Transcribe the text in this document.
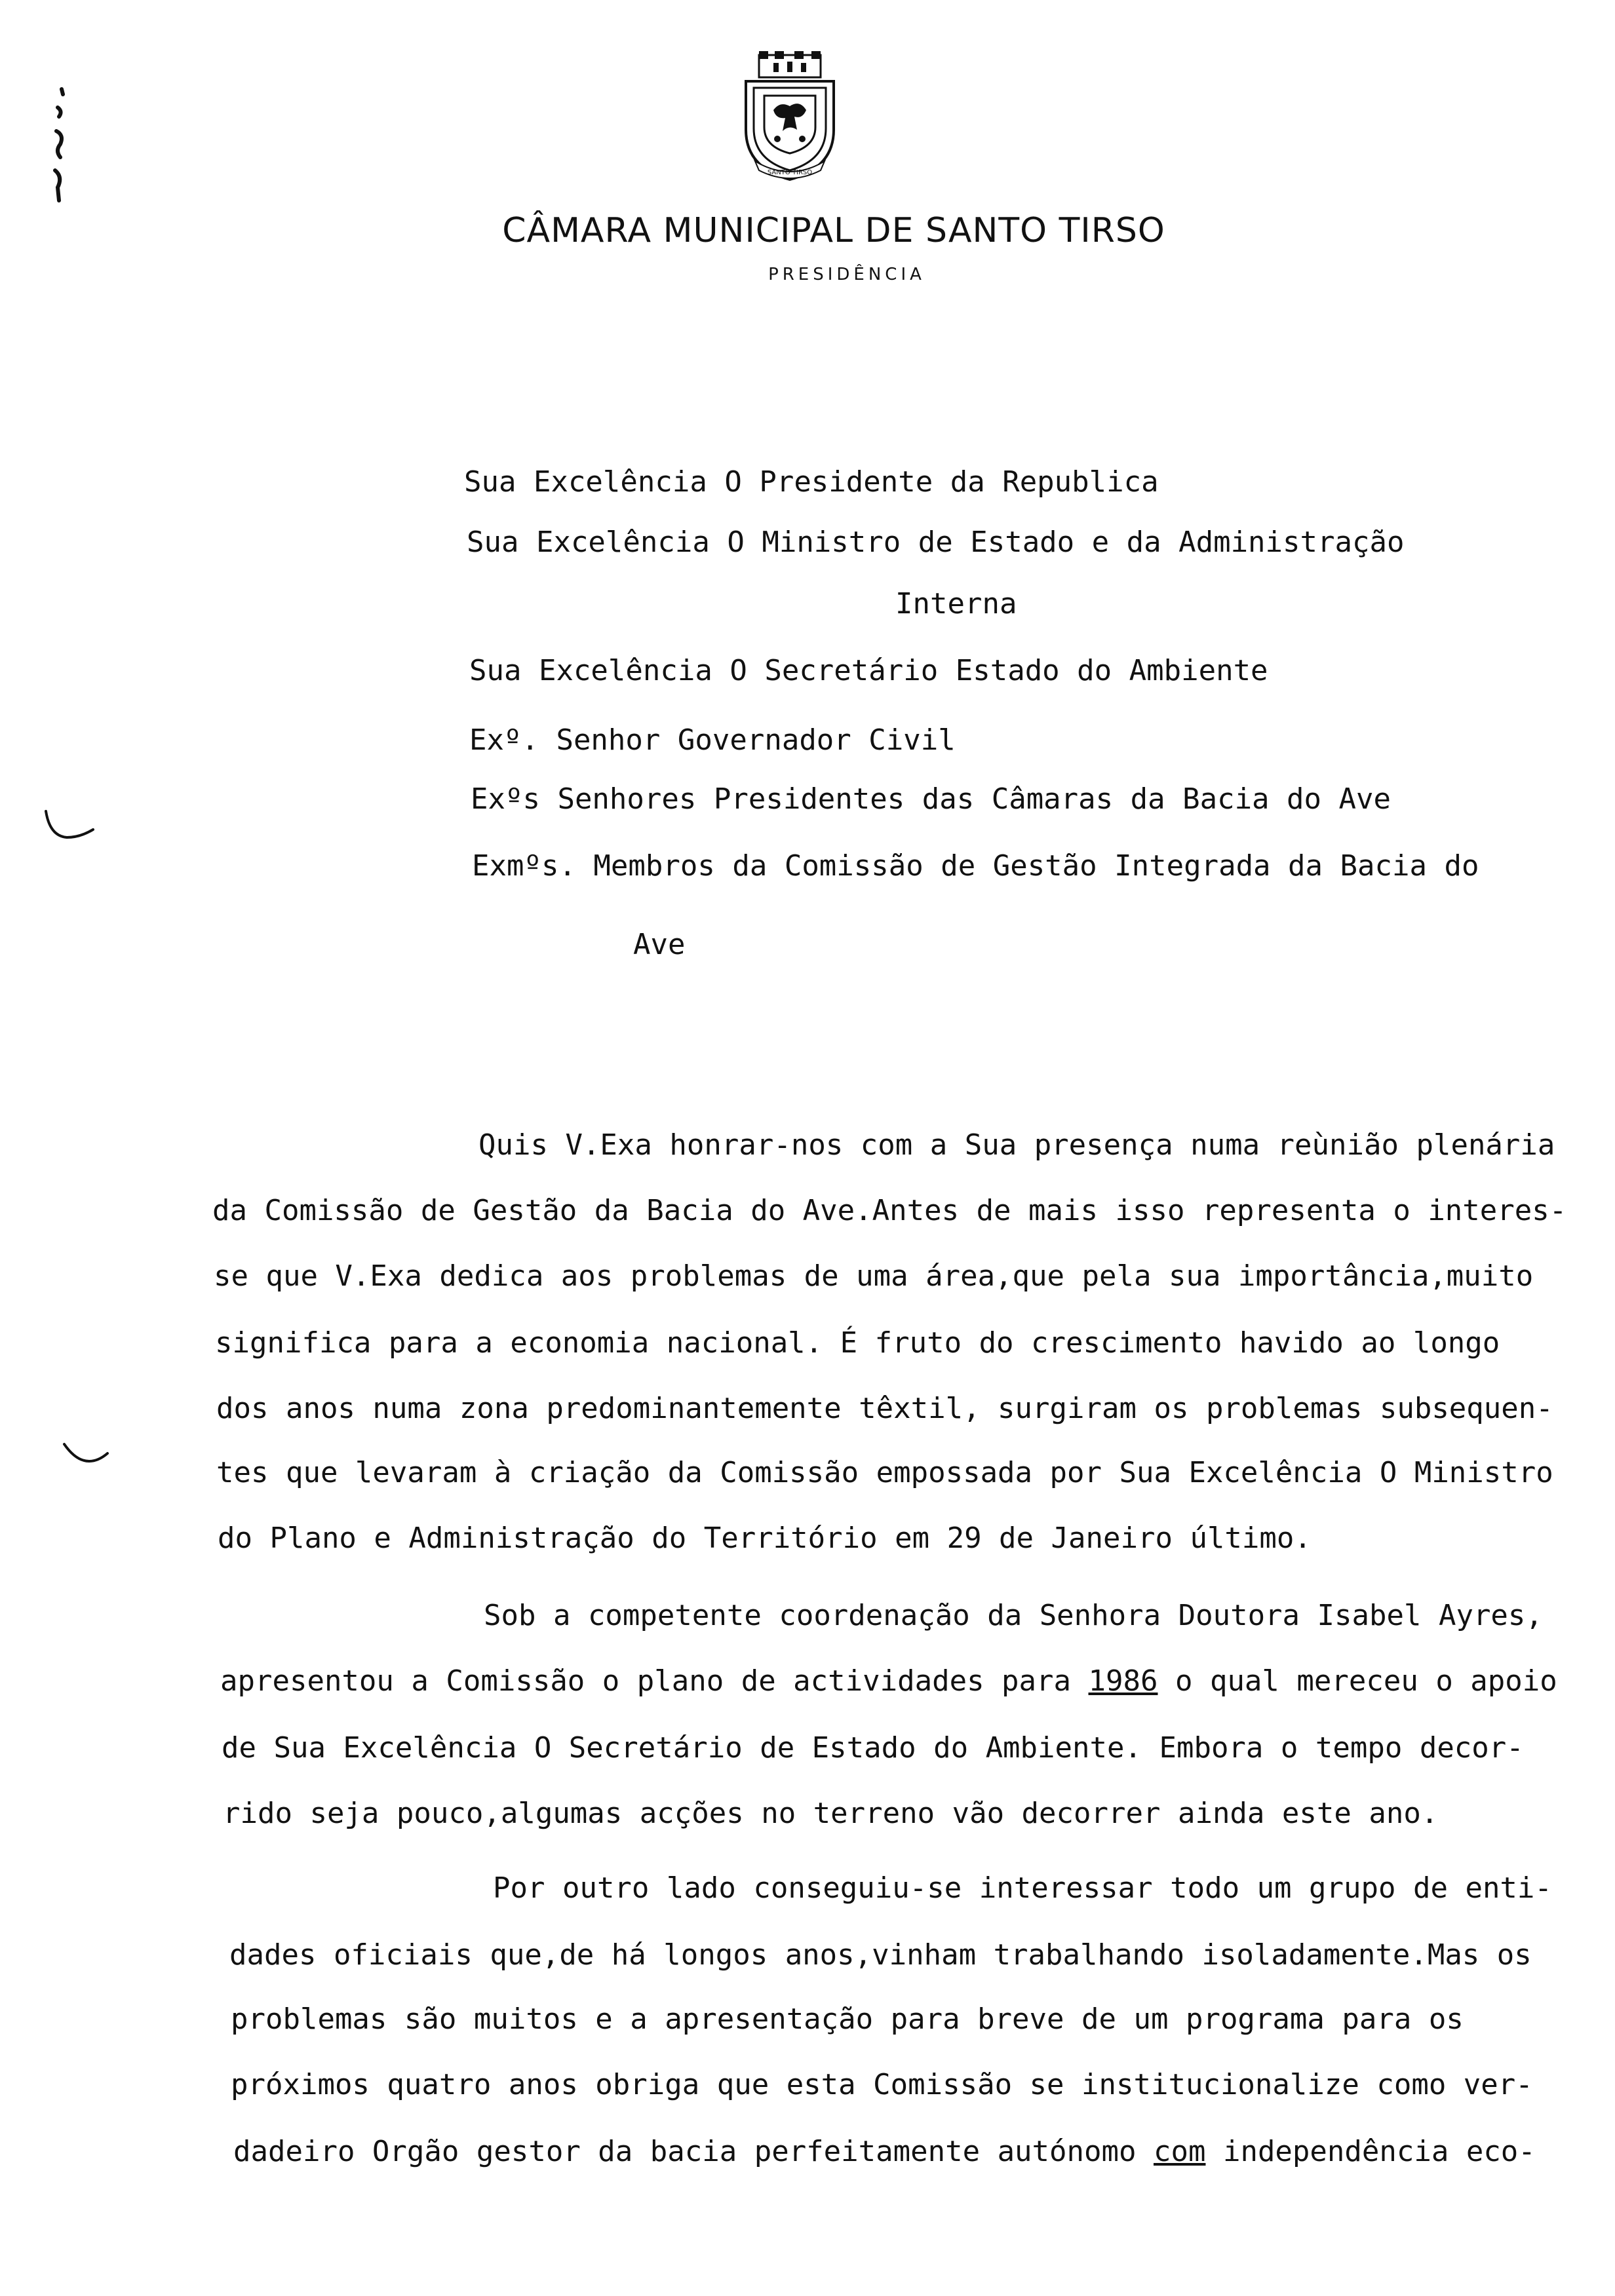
SANTO TIRSO
CÂMARA MUNICIPAL DE SANTO TIRSO
PRESIDÊNCIA
Sua Excelência O Presidente da Republica
Sua Excelência O Ministro de Estado e da Administração
Interna
Sua Excelência O Secretário Estado do Ambiente
Exº. Senhor Governador Civil
Exºs Senhores Presidentes das Câmaras da Bacia do Ave
Exmºs. Membros da Comissão de Gestão Integrada da Bacia do
Ave
Quis V.Exa honrar-nos com a Sua presença numa reùnião plenária
da Comissão de Gestão da Bacia do Ave.Antes de mais isso representa o interes-
se que V.Exa dedica aos problemas de uma área,que pela sua importância,muito
significa para a economia nacional. É fruto do crescimento havido ao longo
dos anos numa zona predominantemente têxtil, surgiram os problemas subsequen-
tes que levaram à criação da Comissão empossada por Sua Excelência O Ministro
do Plano e Administração do Território em 29 de Janeiro último.
Sob a competente coordenação da Senhora Doutora Isabel Ayres,
apresentou a Comissão o plano de actividades para 1986 o qual mereceu o apoio
de Sua Excelência O Secretário de Estado do Ambiente. Embora o tempo decor-
rido seja pouco,algumas acções no terreno vão decorrer ainda este ano.
Por outro lado conseguiu-se interessar todo um grupo de enti-
dades oficiais que,de há longos anos,vinham trabalhando isoladamente.Mas os
problemas são muitos e a apresentação para breve de um programa para os
próximos quatro anos obriga que esta Comissão se institucionalize como ver-
dadeiro Orgão gestor da bacia perfeitamente autónomo com independência eco-
